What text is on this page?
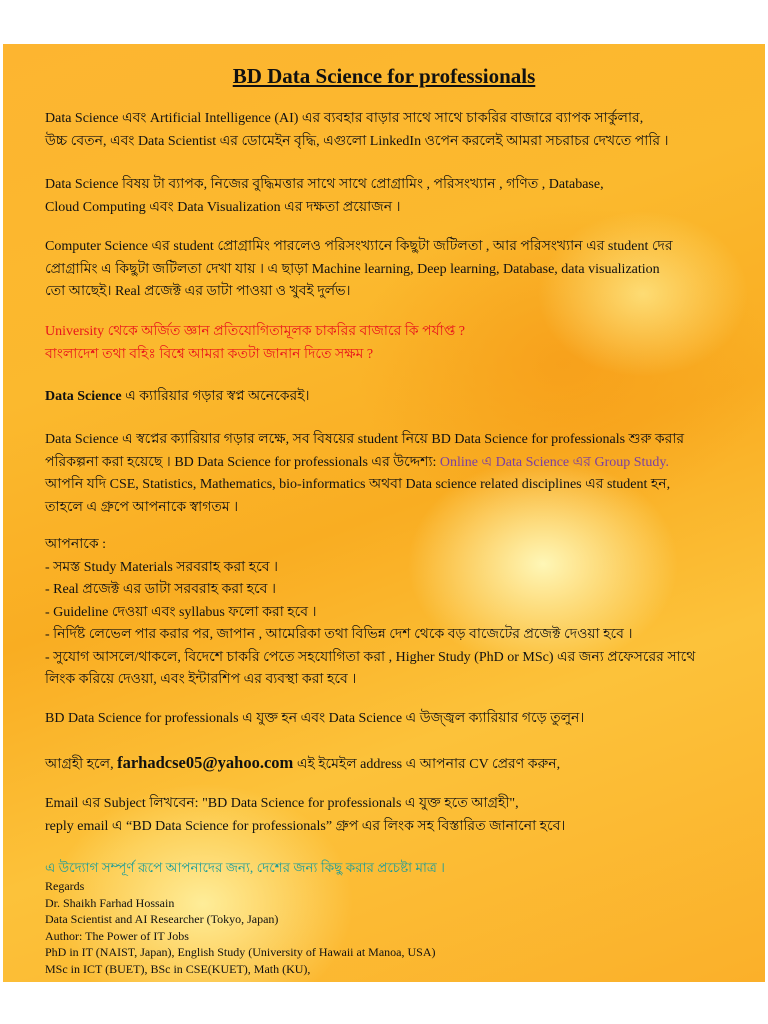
BD Data Science for professionals
Data Science এবং Artificial Intelligence (AI) এর ব্যবহার বাড়ার সাথে সাথে চাকরির বাজারে ব্যাপক সার্কুলার,
উচ্চ বেতন, এবং Data Scientist এর ডোমেইন বৃদ্ধি, এগুলো LinkedIn ওপেন করলেই আমরা সচরাচর দেখতে পারি ।
Data Science বিষয় টা ব্যাপক, নিজের বুদ্ধিমত্তার সাথে সাথে প্রোগ্রামিং , পরিসংখ্যান , গণিত , Database,
Cloud Computing এবং Data Visualization এর দক্ষতা প্রয়োজন ।
Computer Science এর student প্রোগ্রামিং পারলেও পরিসংখ্যানে কিছুটা জটিলতা , আর পরিসংখ্যান এর student দের
প্রোগ্রামিং এ কিছুটা জটিলতা দেখা যায় । এ ছাড়া Machine learning, Deep learning, Database, data visualization
তো আছেই। Real প্রজেক্ট এর ডাটা পাওয়া ও খুবই দুর্লভ।
University থেকে অর্জিত জ্ঞান প্রতিযোগিতামূলক চাকরির বাজারে কি পর্যাপ্ত ?
বাংলাদেশ তথা বহিঃ বিশ্বে আমরা কতটা জানান দিতে সক্ষম ?
Data Science এ ক্যারিয়ার গড়ার স্বপ্ন অনেকেরই।
Data Science এ স্বপ্নের ক্যারিয়ার গড়ার লক্ষে, সব বিষয়ের student নিয়ে BD Data Science for professionals শুরু করার
পরিকল্পনা করা হয়েছে । BD Data Science for professionals এর উদ্দেশ্য: Online এ Data Science এর Group Study.
আপনি যদি CSE, Statistics, Mathematics, bio-informatics অথবা Data science related disciplines এর student হন,
তাহলে এ গ্রুপে আপনাকে স্বাগতম ।
আপনাকে :
- সমস্ত Study Materials সরবরাহ করা হবে ।
- Real প্রজেক্ট এর ডাটা সরবরাহ করা হবে ।
- Guideline দেওয়া এবং syllabus ফলো করা হবে ।
- নির্দিষ্ট লেভেল পার করার পর, জাপান , আমেরিকা তথা বিভিন্ন দেশ থেকে বড় বাজেটের প্রজেক্ট দেওয়া হবে ।
- সুযোগ আসলে/থাকলে, বিদেশে চাকরি পেতে সহযোগিতা করা , Higher Study (PhD or MSc) এর জন্য প্রফেসরের সাথে
লিংক করিয়ে দেওয়া, এবং ইন্টারশিপ এর ব্যবস্থা করা হবে ।
BD Data Science for professionals এ যুক্ত হন এবং Data Science এ উজ্জ্বল ক্যারিয়ার গড়ে তুলুন।
আগ্রহী হলে, farhadcse05@yahoo.com এই ইমেইল address এ আপনার CV প্রেরণ করুন,
Email এর Subject লিখবেন: "BD Data Science for professionals এ যুক্ত হতে আগ্রহী",
reply email এ “BD Data Science for professionals” গ্রুপ এর লিংক সহ বিস্তারিত জানানো হবে।
এ উদ্যোগ সম্পূর্ণ রূপে আপনাদের জন্য, দেশের জন্য কিছু করার প্রচেষ্টা মাত্র ।
Regards
Dr. Shaikh Farhad Hossain
Data Scientist and AI Researcher (Tokyo, Japan)
Author: The Power of IT Jobs
PhD in IT (NAIST, Japan), English Study (University of Hawaii at Manoa, USA)
MSc in ICT (BUET), BSc in CSE(KUET), Math (KU),
